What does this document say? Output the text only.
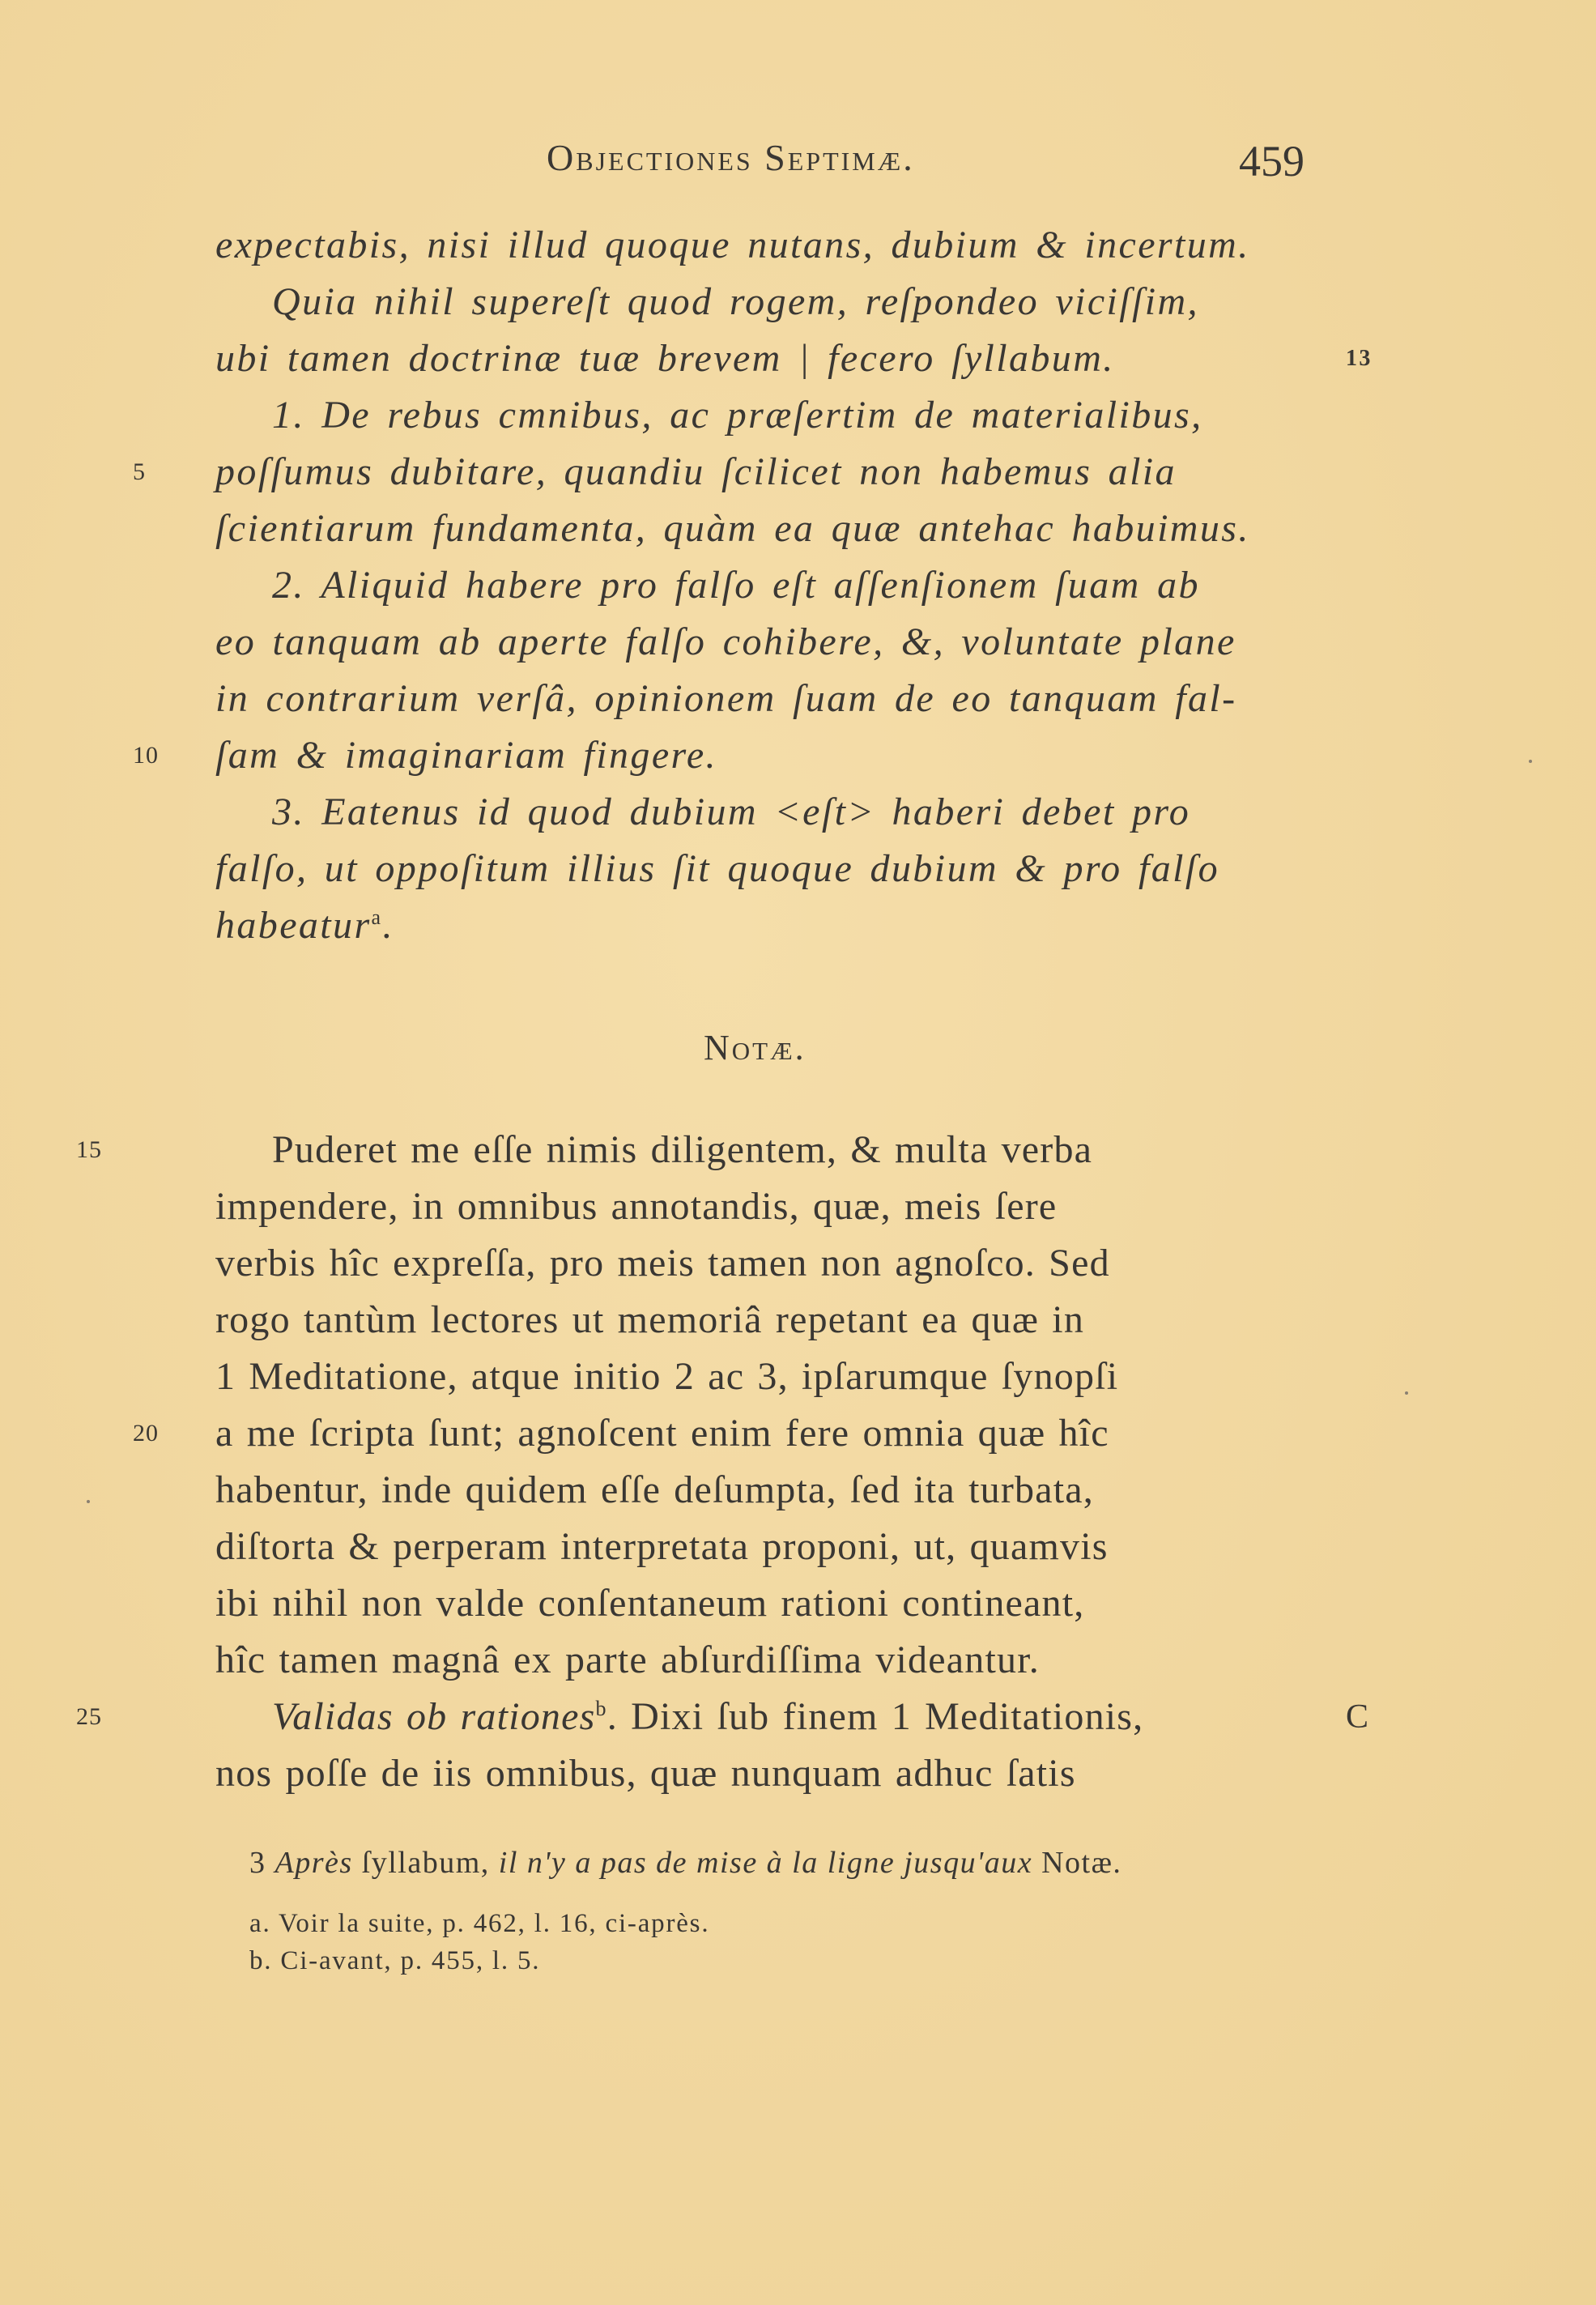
Objectiones Septimæ.	459
expectabis, nisi illud quoque nutans, dubium & incertum.
Quia nihil supereſt quod rogem, reſpondeo viciſſim,
ubi tamen doctrinæ tuæ brevem | fecero ſyllabum.	13
1. De rebus cmnibus, ac præſertim de materialibus,
5	poſſumus dubitare, quandiu ſcilicet non habemus alia
ſcientiarum fundamenta, quàm ea quæ antehac habuimus.
2. Aliquid habere pro falſo eſt aſſenſionem ſuam ab
eo tanquam ab aperte falſo cohibere, &, voluntate plane
in contrarium verſâ, opinionem ſuam de eo tanquam fal-
10	ſam & imaginariam fingere.
3. Eatenus id quod dubium <eſt> haberi debet pro
falſo, ut oppoſitum illius ſit quoque dubium & pro falſo
habeatur$^a$.
Notæ.
15	Puderet me eſſe nimis diligentem, & multa verba
impendere, in omnibus annotandis, quæ, meis ſere
verbis hîc expreſſa, pro meis tamen non agnoſco. Sed
rogo tantùm lectores ut memoriâ repetant ea quæ in
1 Meditatione, atque initio 2 ac 3, ipſarumque ſynopſi
20	a me ſcripta ſunt; agnoſcent enim fere omnia quæ hîc
habentur, inde quidem eſſe deſumpta, ſed ita turbata,
diſtorta & perperam interpretata proponi, ut, quamvis
ibi nihil non valde conſentaneum rationi contineant,
hîc tamen magnâ ex parte abſurdiſſima videantur.
25	Validas ob rationes$^b$. Dixi ſub finem 1 Meditationis,	C
nos poſſe de iis omnibus, quæ nunquam adhuc ſatis
3 Après ſyllabum, il n'y a pas de mise à la ligne jusqu'aux Notæ.
a. Voir la suite, p. 462, l. 16, ci-après.
b. Ci-avant, p. 455, l. 5.
